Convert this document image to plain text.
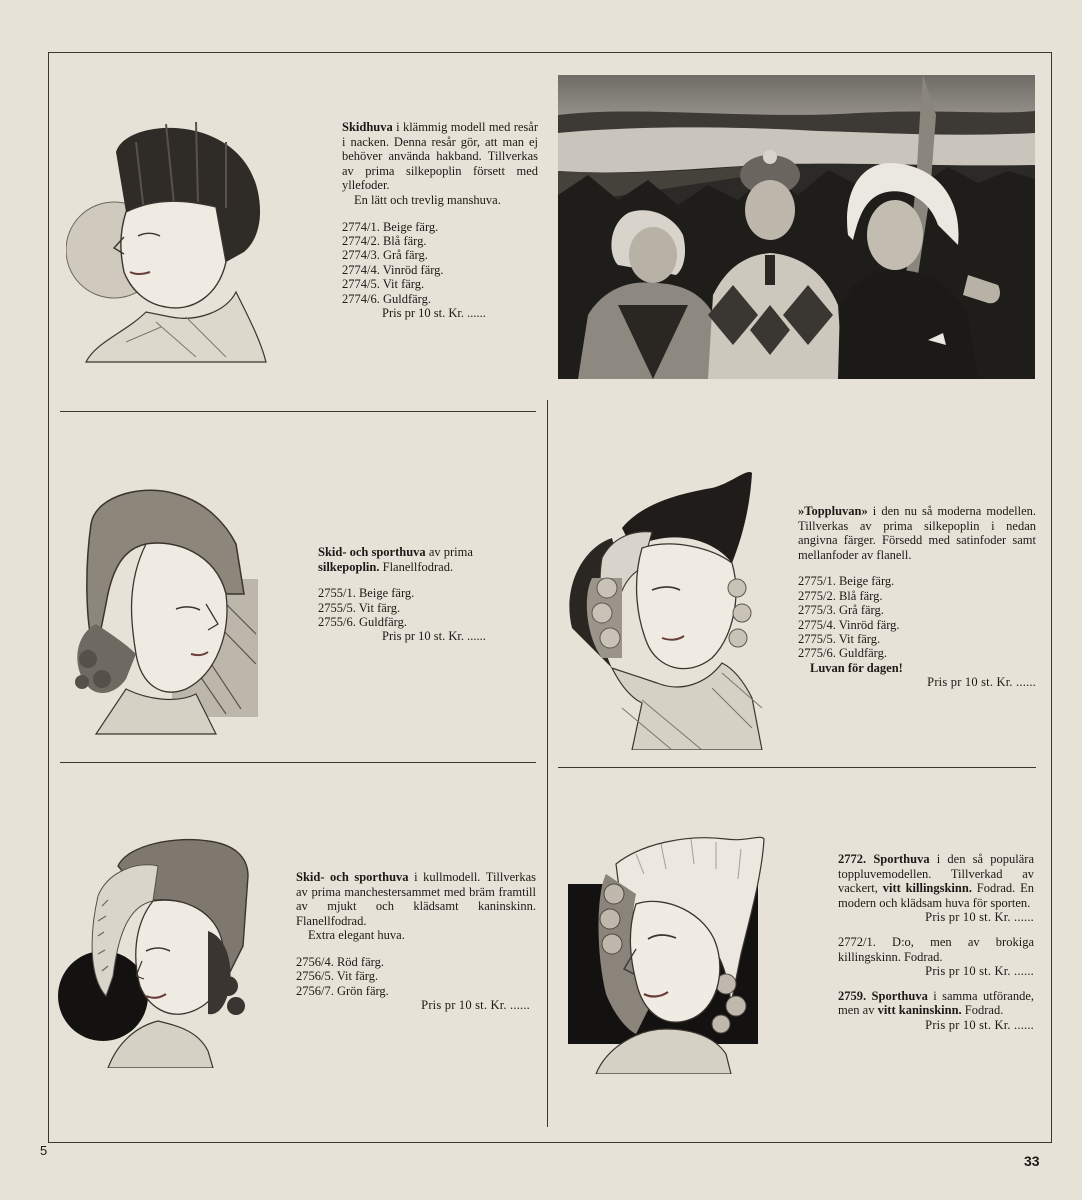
Skidhuva i klämmig modell med resår i nacken. Denna resår gör, att man ej behöver använda hakband. Tillverkas av prima silkepoplin försett med yllefoder.

En lätt och trevlig manshuva.

2774/1. Beige färg.
2774/2. Blå färg.
2774/3. Grå färg.
2774/4. Vinröd färg.
2774/5. Vit färg.
2774/6. Guldfärg.

Pris pr 10 st. Kr. ......

Skid- och sporthuva av prima
silkepoplin. Flanellfodrad.

2755/1. Beige färg.
2755/5. Vit färg.
2755/6. Guldfärg.

Pris pr 10 st. Kr. ......

»Toppluvan» i den nu så moderna modellen. Tillverkas av prima silkepoplin i nedan angivna färger. Försedd med satinfoder samt mellanfoder av flanell.

2775/1. Beige färg.
2775/2. Blå färg.
2775/3. Grå färg.
2775/4. Vinröd färg.
2775/5. Vit färg.
2775/6. Guldfärg.

Luvan för dagen!

Pris pr 10 st. Kr. ......

Skid- och sporthuva i kullmodell. Tillverkas av prima manchestersammet med bräm framtill av mjukt och klädsamt kaninskinn. Flanellfodrad.

Extra elegant huva.

2756/4. Röd färg.
2756/5. Vit färg.
2756/7. Grön färg.

Pris pr 10 st. Kr. ......

2772. Sporthuva i den så populära toppluvemodellen. Tillverkad av vackert, vitt killingskinn. Fodrad. En modern och klädsam huva för sporten.

Pris pr 10 st. Kr. ......

2772/1. D:o, men av brokiga killingskinn. Fodrad.

Pris pr 10 st. Kr. ......

2759. Sporthuva i samma utförande, men av vitt kaninskinn. Fodrad.

Pris pr 10 st. Kr. ......

5
33
